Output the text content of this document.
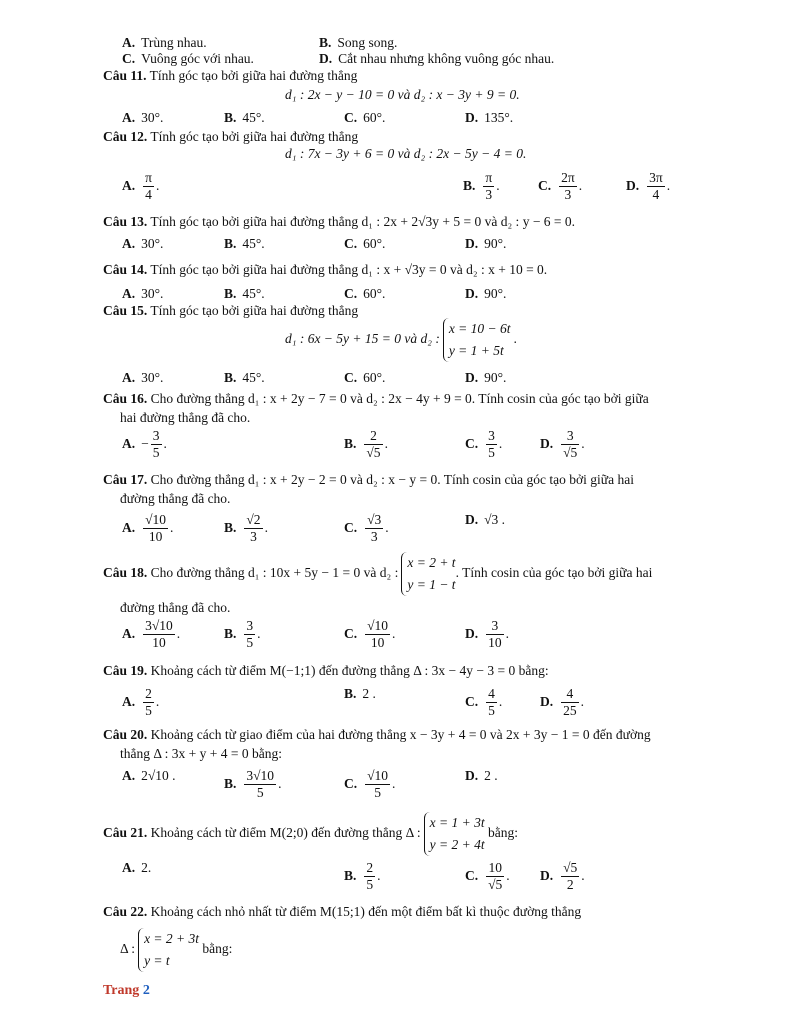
A. Trùng nhau.	B. Song song.
C. Vuông góc với nhau.	D. Cắt nhau nhưng không vuông góc nhau.
Câu 11. Tính góc tạo bởi giữa hai đường thẳng
d₁ : 2x − y − 10 = 0 và d₂ : x − 3y + 9 = 0.
A. 30°.	B. 45°.	C. 60°.	D. 135°.
Câu 12. Tính góc tạo bởi giữa hai đường thẳng
d₁ : 7x − 3y + 6 = 0 và d₂ : 2x − 5y − 4 = 0.
A. $\frac{\pi}{4}$ .	B. $\frac{\pi}{3}$ .	C. $\frac{2\pi}{3}$ .	D. $\frac{3\pi}{4}$ .
Câu 13. Tính góc tạo bởi giữa hai đường thẳng d₁ : 2x + 2√3y + 5 = 0 và d₂ : y − 6 = 0.
A. 30°.	B. 45°.	C. 60°.	D. 90°.
Câu 14. Tính góc tạo bởi giữa hai đường thẳng d₁ : x + √3y = 0 và d₂ : x + 10 = 0.
A. 30°.	B. 45°.	C. 60°.	D. 90°.
Câu 15. Tính góc tạo bởi giữa hai đường thẳng
d₁ : 6x − 5y + 15 = 0 và d₂ :
x = 10 − 6t
y = 1 + 5t
.
A. 30°.	B. 45°.	C. 60°.	D. 90°.
Câu 16. Cho đường thẳng d₁ : x + 2y − 7 = 0 và d₂ : 2x − 4y + 9 = 0. Tính cosin của góc tạo bởi giữa
hai đường thẳng đã cho.
A. − $\frac{3}{5}$ .	B. $\frac{2}{√5}$ .	C. $\frac{3}{5}$ .	D. $\frac{3}{√5}$ .
Câu 17. Cho đường thẳng d₁ : x + 2y − 2 = 0 và d₂ : x − y = 0. Tính cosin của góc tạo bởi giữa hai
đường thẳng đã cho.
A. $\frac{√10}{10}$ .	B. $\frac{√2}{3}$ .	C. $\frac{√3}{3}$ .
D. √3 .
Câu 18. Cho đường thẳng d₁ : 10x + 5y − 1 = 0 và d₂ :
x = 2 + t
y = 1 − t
. Tính cosin của góc tạo bởi giữa hai
đường thẳng đã cho.
A. $\frac{3√10}{10}$ .	B. $\frac{3}{5}$ .	C. $\frac{√10}{10}$ .	D. $\frac{3}{10}$ .
Câu 19. Khoảng cách từ điểm M(−1;1) đến đường thẳng Δ : 3x − 4y − 3 = 0 bằng:
A. $\frac{2}{5}$ .
B. 2 .
C. $\frac{4}{5}$ .	D. $\frac{4}{25}$ .
Câu 20. Khoảng cách từ giao điểm của hai đường thẳng x − 3y + 4 = 0 và 2x + 3y − 1 = 0 đến đường
thẳng Δ : 3x + y + 4 = 0 bằng:
A. 2√10 .
B. $\frac{3√10}{5}$ .	C. $\frac{√10}{5}$ .
D. 2 .
Câu 21. Khoảng cách từ điểm M(2;0) đến đường thẳng Δ :
x = 1 + 3t
y = 2 + 4t
bằng:
A. 2.
B. $\frac{2}{5}$ .	C. $\frac{10}{√5}$ . D. $\frac{√5}{2}$ .
Câu 22. Khoảng cách nhỏ nhất từ điểm M(15;1) đến một điểm bất kì thuộc đường thẳng
Δ :
x = 2 + 3t
y = t
bằng:
Trang 2
